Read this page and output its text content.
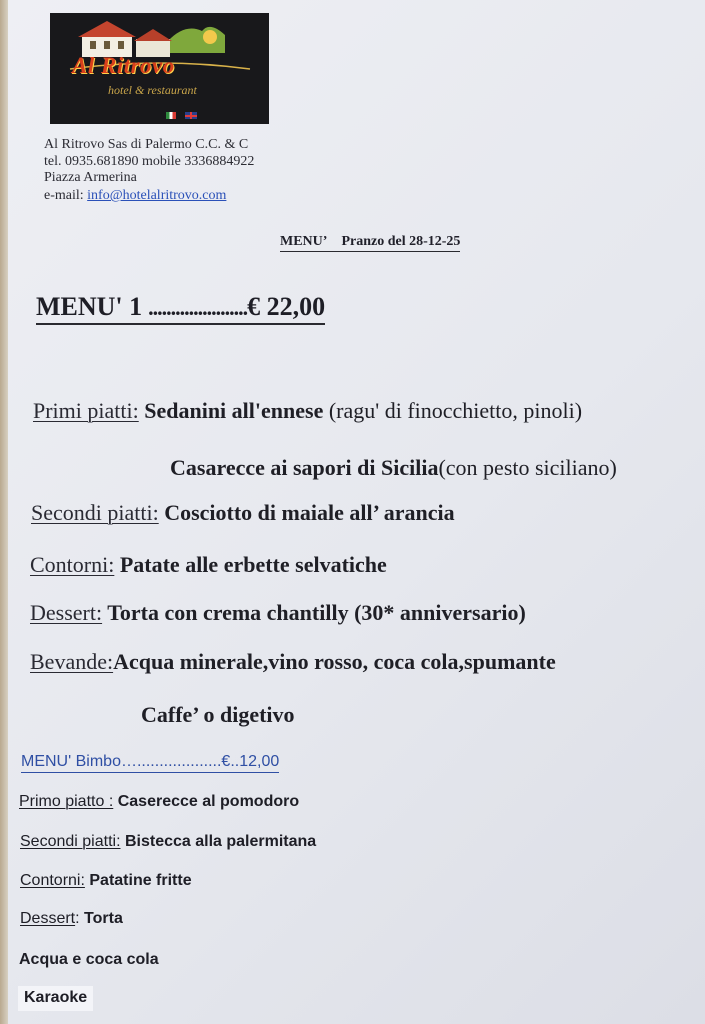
Al Ritrovo
hotel & restaurant
Al Ritrovo Sas di Palermo C.C. & C
tel. 0935.681890 mobile 3336884922
Piazza Armerina
e-mail: info@hotelalritrovo.com
MENU’ Pranzo del 28-12-25
MENU' 1 ......................€ 22,00
Primi piatti: Sedanini all'ennese (ragu' di finocchietto, pinoli)
Casarecce ai sapori di Sicilia(con pesto siciliano)
Secondi piatti: Cosciotto di maiale all’ arancia
Contorni: Patate alle erbette selvatiche
Dessert: Torta con crema chantilly (30* anniversario)
Bevande:Acqua minerale,vino rosso, coca cola,spumante
Caffe’ o digetivo
MENU' Bimbo…...................€..12,00
Primo piatto : Caserecce al pomodoro
Secondi piatti: Bistecca alla palermitana
Contorni: Patatine fritte
Dessert: Torta
Acqua e coca cola
Karaoke
